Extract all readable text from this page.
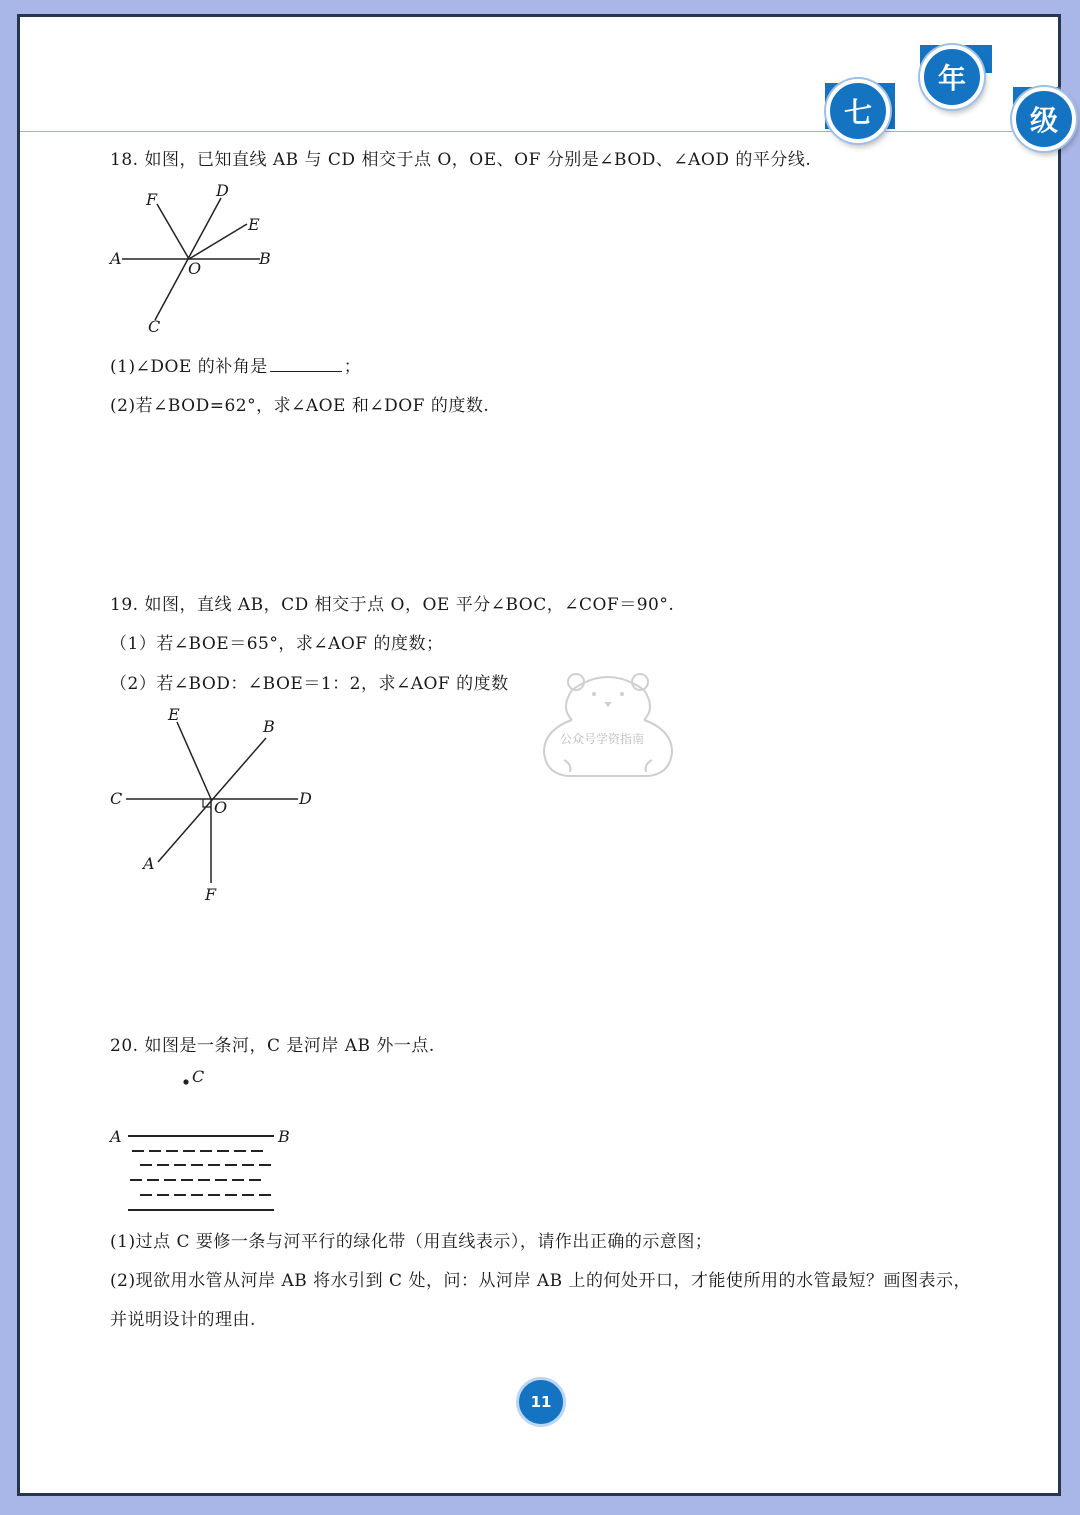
七
年
级
18. 如图，已知直线 AB 与 CD 相交于点 O，OE、OF 分别是∠BOD、∠AOD 的平分线.
F	D
E
A
O
B
C
(1)∠DOE 的补角是	；
(2)若∠BOD=62°，求∠AOE 和∠DOF 的度数.
19. 如图，直线 AB，CD 相交于点 O，OE 平分∠BOC，∠COF＝90°.
（1）若∠BOE＝65°，求∠AOF 的度数；
（2）若∠BOD：∠BOE＝1：2，求∠AOF 的度数
E
B
C	O	D
A
F
公众号学资指南
20. 如图是一条河，C 是河岸 AB 外一点.
C
A	B
(1)过点 C 要修一条与河平行的绿化带（用直线表示），请作出正确的示意图；
(2)现欲用水管从河岸 AB 将水引到 C 处，问：从河岸 AB 上的何处开口，才能使所用的水管最短？画图表示，
并说明设计的理由.
11
